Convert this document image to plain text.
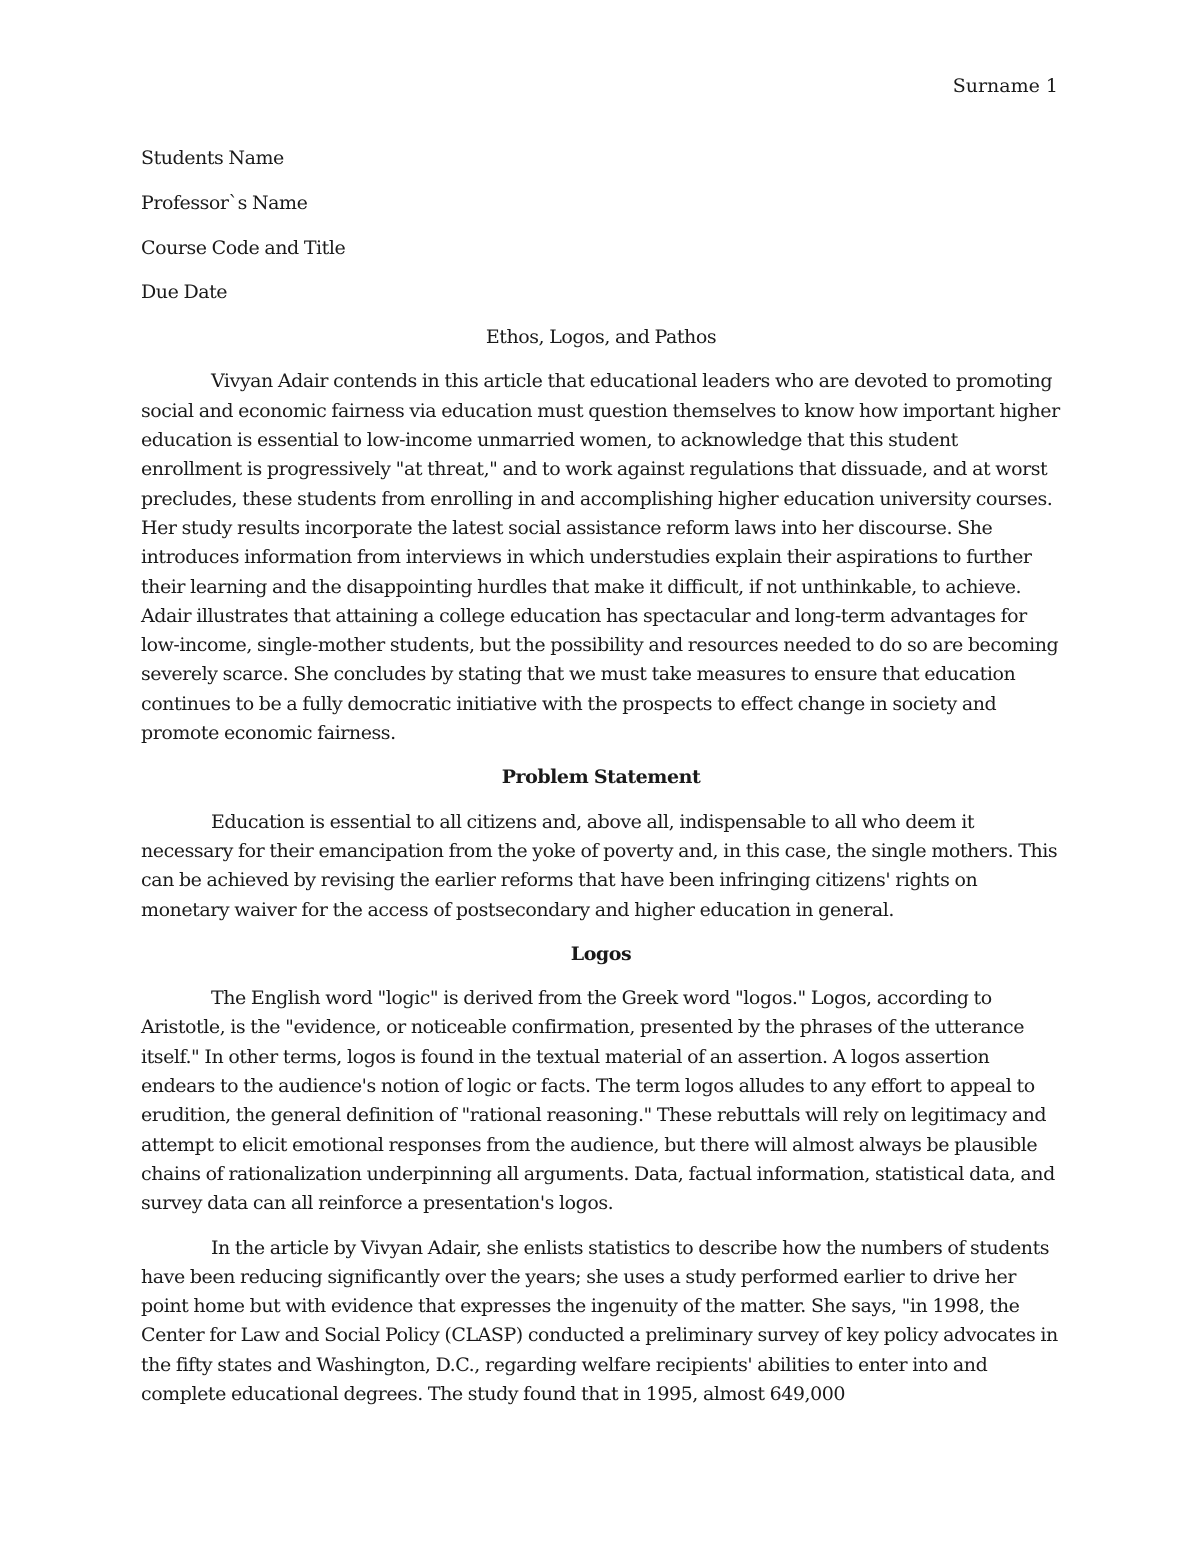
Surname 1

Students Name

Professor`s Name

Course Code and Title

Due Date

Ethos, Logos, and Pathos

Vivyan Adair contends in this article that educational leaders who are devoted to promoting social and economic fairness via education must question themselves to know how important higher education is essential to low-income unmarried women, to acknowledge that this student enrollment is progressively "at threat," and to work against regulations that dissuade, and at worst precludes, these students from enrolling in and accomplishing higher education university courses. Her study results incorporate the latest social assistance reform laws into her discourse. She introduces information from interviews in which understudies explain their aspirations to further their learning and the disappointing hurdles that make it difficult, if not unthinkable, to achieve. Adair illustrates that attaining a college education has spectacular and long-term advantages for low-income, single-mother students, but the possibility and resources needed to do so are becoming severely scarce. She concludes by stating that we must take measures to ensure that education continues to be a fully democratic initiative with the prospects to effect change in society and promote economic fairness.

Problem Statement

Education is essential to all citizens and, above all, indispensable to all who deem it necessary for their emancipation from the yoke of poverty and, in this case, the single mothers. This can be achieved by revising the earlier reforms that have been infringing citizens' rights on monetary waiver for the access of postsecondary and higher education in general.

Logos

The English word "logic" is derived from the Greek word "logos." Logos, according to Aristotle, is the "evidence, or noticeable confirmation, presented by the phrases of the utterance itself." In other terms, logos is found in the textual material of an assertion. A logos assertion endears to the audience's notion of logic or facts. The term logos alludes to any effort to appeal to erudition, the general definition of "rational reasoning." These rebuttals will rely on legitimacy and attempt to elicit emotional responses from the audience, but there will almost always be plausible chains of rationalization underpinning all arguments. Data, factual information, statistical data, and survey data can all reinforce a presentation's logos.

In the article by Vivyan Adair, she enlists statistics to describe how the numbers of students have been reducing significantly over the years; she uses a study performed earlier to drive her point home but with evidence that expresses the ingenuity of the matter. She says, "in 1998, the Center for Law and Social Policy (CLASP) conducted a preliminary survey of key policy advocates in the fifty states and Washington, D.C., regarding welfare recipients' abilities to enter into and complete educational degrees. The study found that in 1995, almost 649,000
